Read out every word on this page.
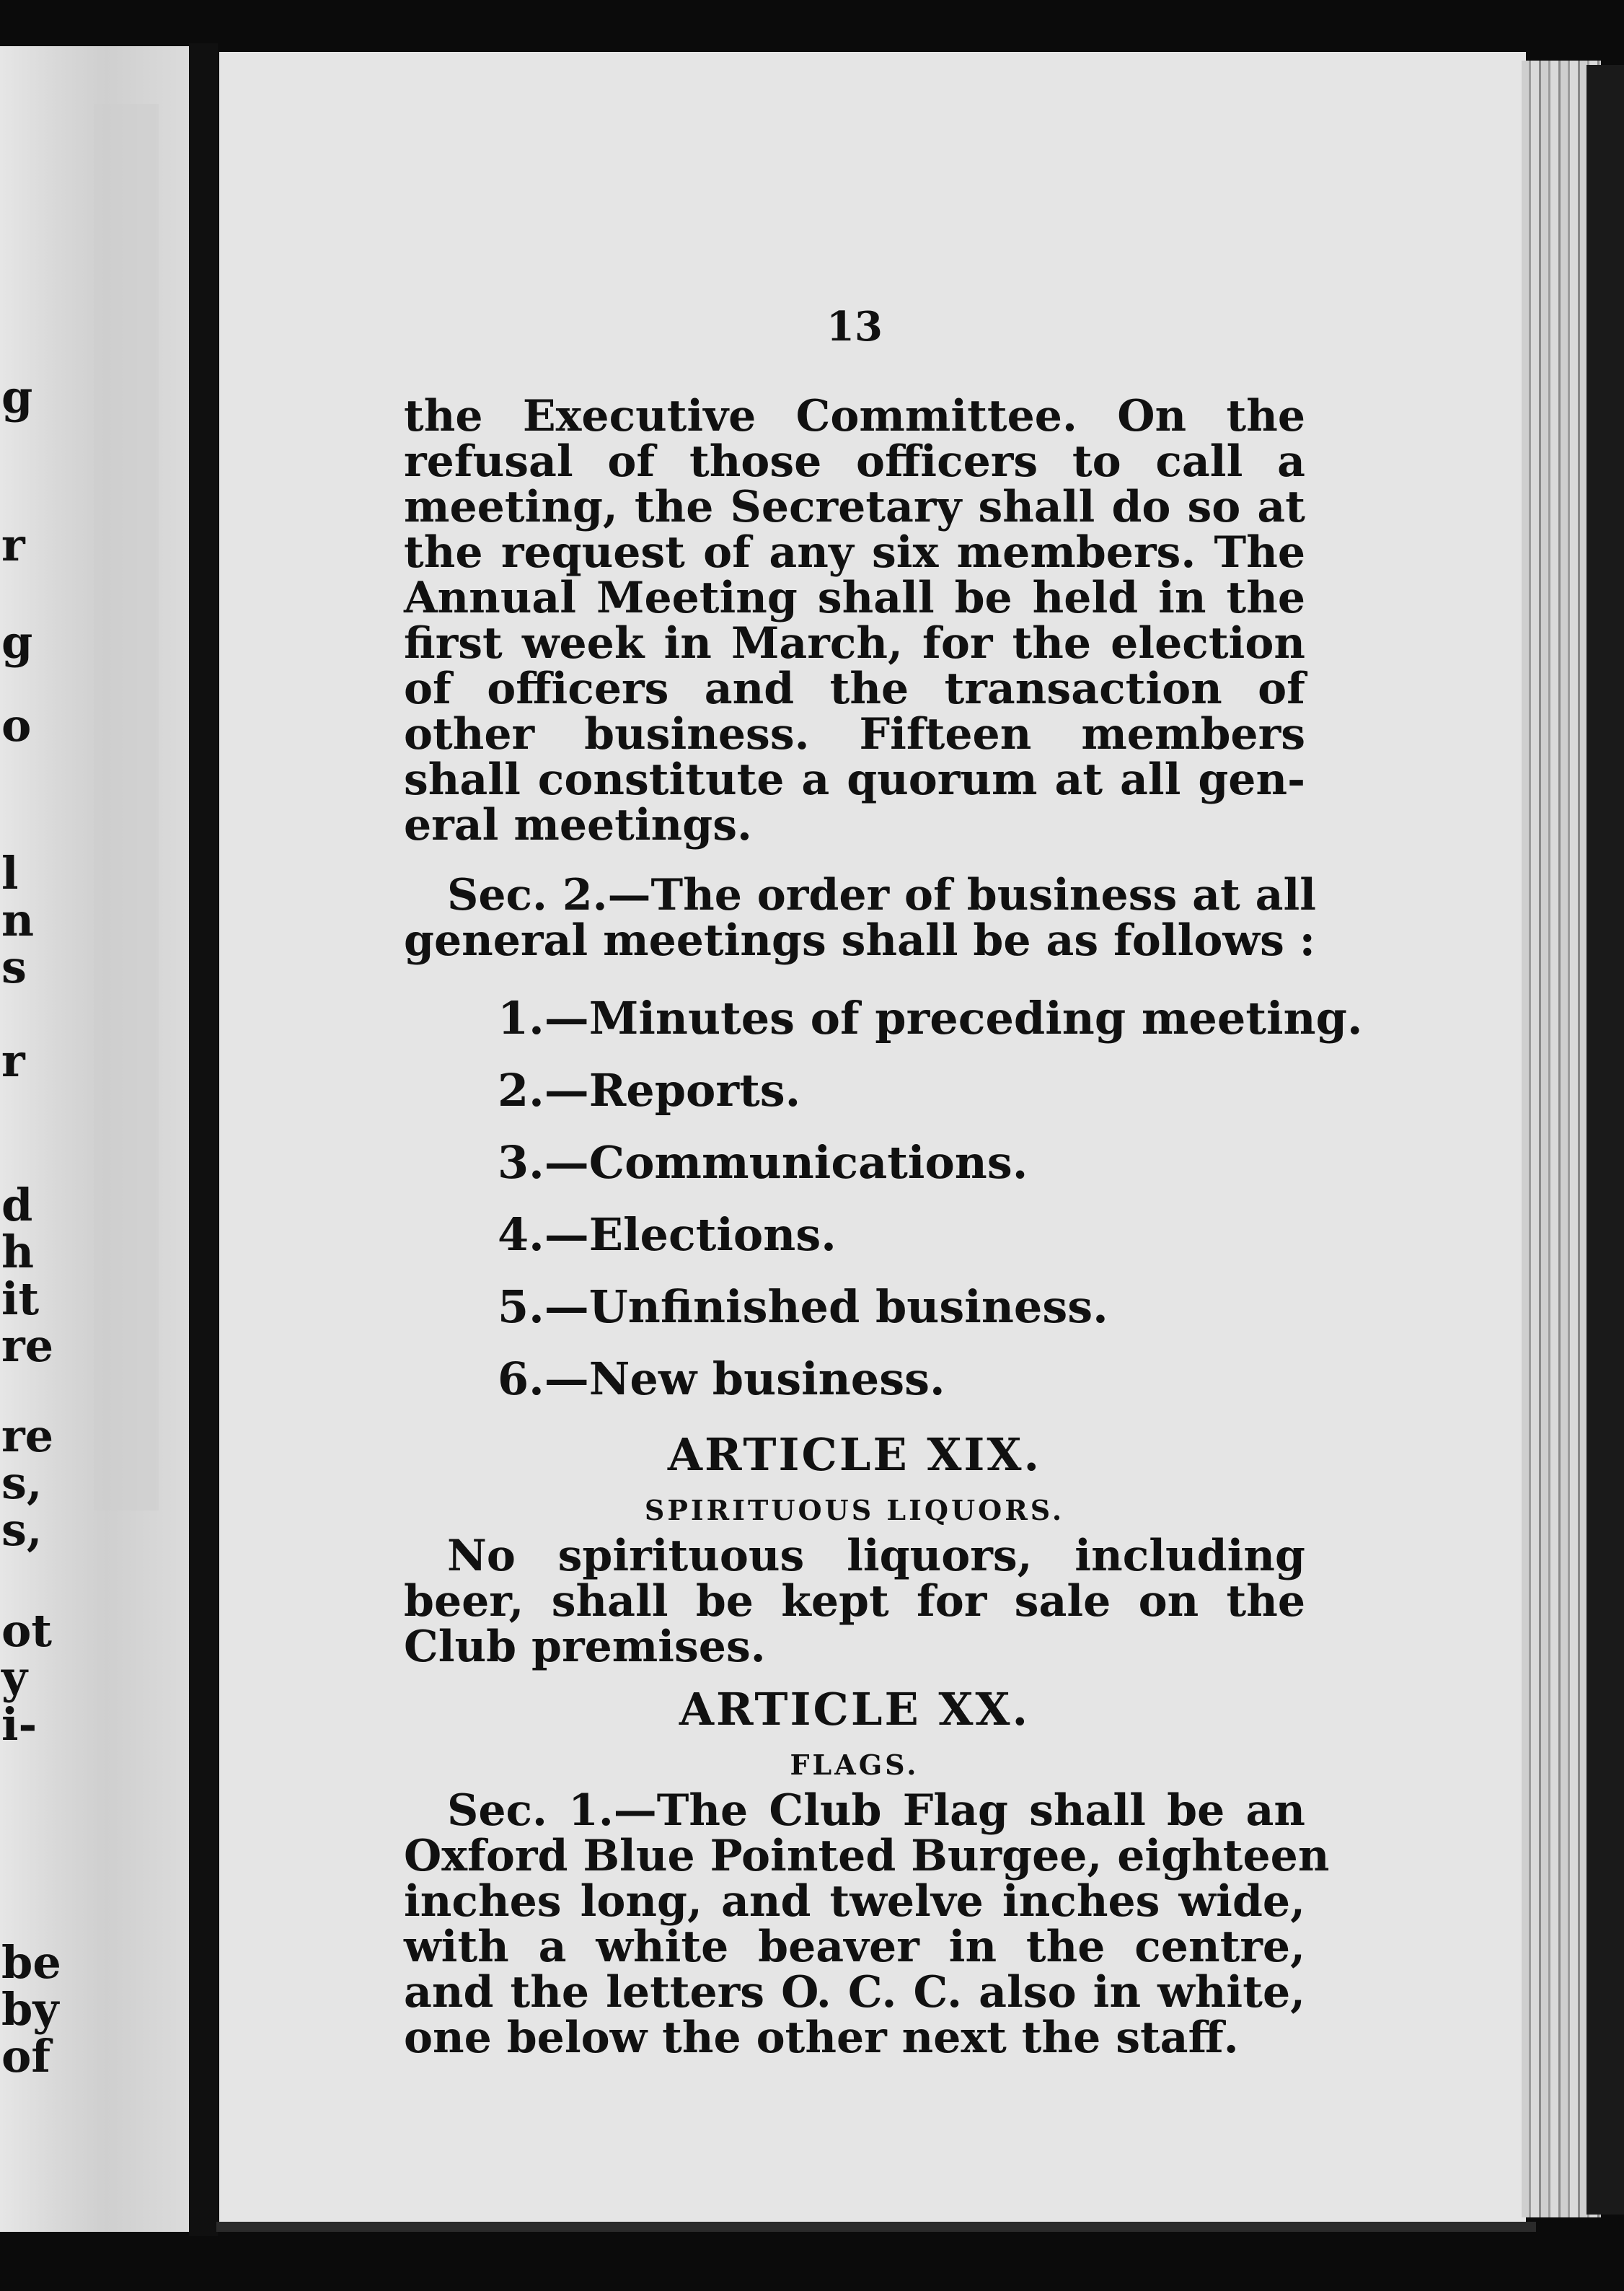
g
r
g
o
l
n
s
r
d
h
it
re
re
s,
s,
ot
y
i-
be
by
of
13
the Executive Committee. On the
refusal of those officers to call a
meeting, the Secretary shall do so at
the request of any six members. The
Annual Meeting shall be held in the
first week in March, for the election
of officers and the transaction of
other business. Fifteen members
shall constitute a quorum at all gen-
eral meetings.
Sec. 2.—The order of business at all
general meetings shall be as follows :
1.—Minutes of preceding meeting.
2.—Reports.
3.—Communications.
4.—Elections.
5.—Unfinished business.
6.—New business.
ARTICLE XIX.
SPIRITUOUS LIQUORS.
No spirituous liquors, including
beer, shall be kept for sale on the
Club premises.
ARTICLE XX.
FLAGS.
Sec. 1.—The Club Flag shall be an
Oxford Blue Pointed Burgee, eighteen
inches long, and twelve inches wide,
with a white beaver in the centre,
and the letters O. C. C. also in white,
one below the other next the staff.
